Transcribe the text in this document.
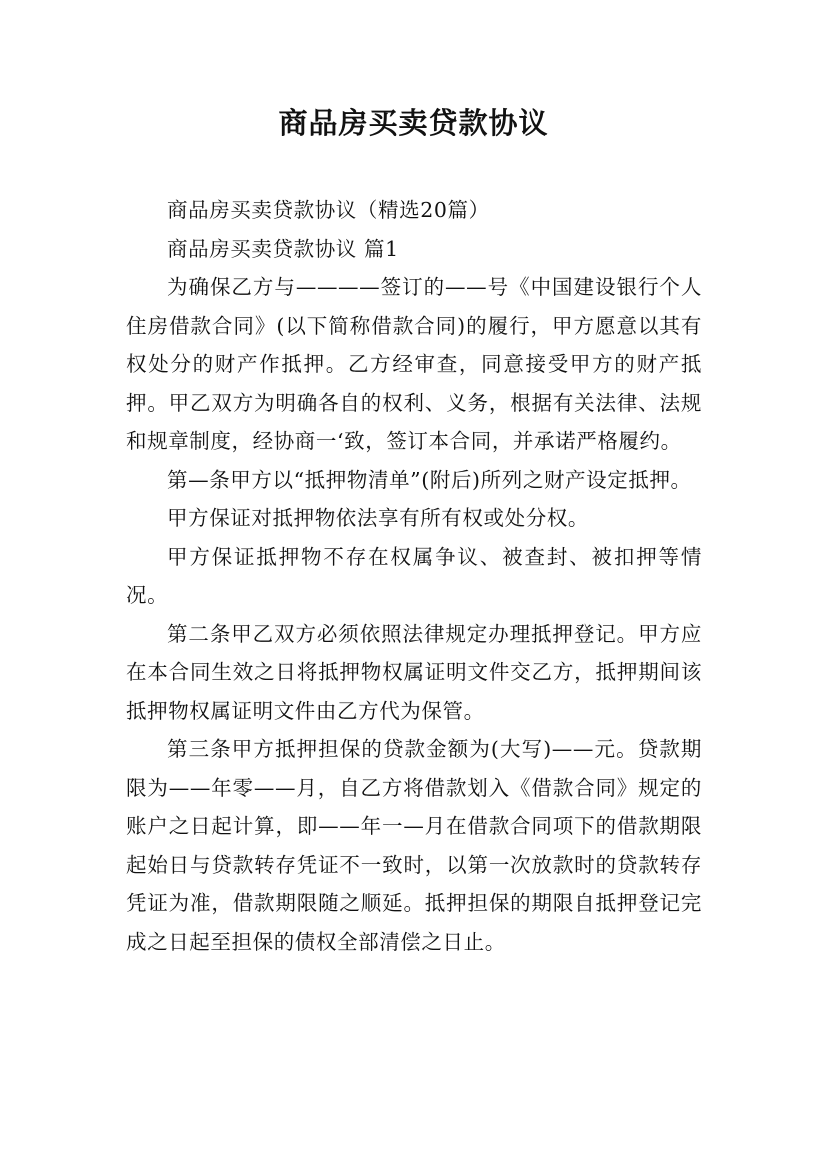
商品房买卖贷款协议

商品房买卖贷款协议（精选20篇）

商品房买卖贷款协议 篇1

为确保乙方与————签订的——号《中国建设银行个人住房借款合同》(以下简称借款合同)的履行，甲方愿意以其有权处分的财产作抵押。乙方经审查，同意接受甲方的财产抵押。甲乙双方为明确各自的权利、义务，根据有关法律、法规和规章制度，经协商一‘致，签订本合同，并承诺严格履约。

第—条甲方以“抵押物清单”(附后)所列之财产设定抵押。

甲方保证对抵押物依法享有所有权或处分权。

甲方保证抵押物不存在权属争议、被查封、被扣押等情况。

第二条甲乙双方必须依照法律规定办理抵押登记。甲方应在本合同生效之日将抵押物权属证明文件交乙方，抵押期间该抵押物权属证明文件由乙方代为保管。

第三条甲方抵押担保的贷款金额为(大写)——元。贷款期限为——年零——月，自乙方将借款划入《借款合同》规定的账户之日起计算，即——年一—月在借款合同项下的借款期限起始日与贷款转存凭证不一致时，以第一次放款时的贷款转存凭证为准，借款期限随之顺延。抵押担保的期限自抵押登记完成之日起至担保的债权全部清偿之日止。
